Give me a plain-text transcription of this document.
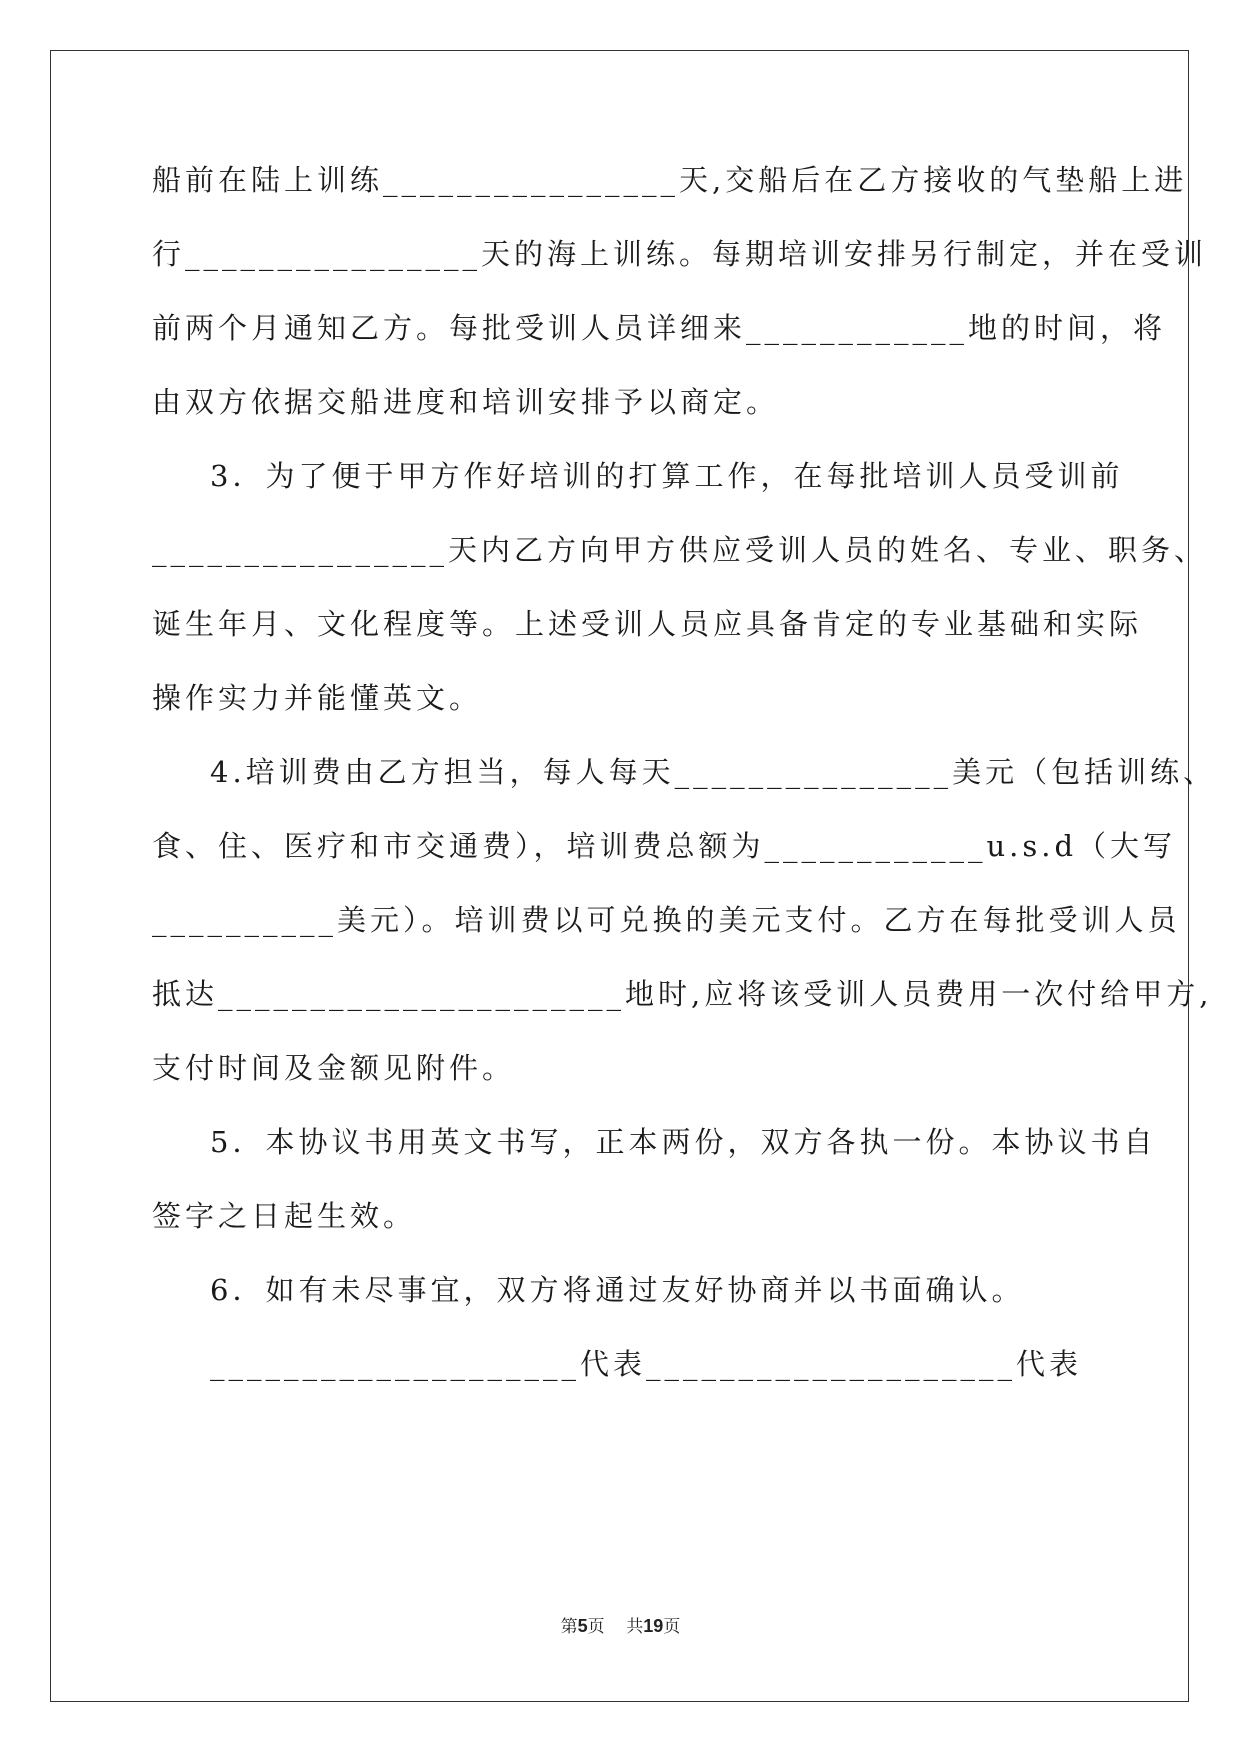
船前在陆上训练________________天,交船后在乙方接收的气垫船上进
行________________天的海上训练。每期培训安排另行制定，并在受训
前两个月通知乙方。每批受训人员详细来____________地的时间，将
由双方依据交船进度和培训安排予以商定。
3．为了便于甲方作好培训的打算工作，在每批培训人员受训前
________________天内乙方向甲方供应受训人员的姓名、专业、职务、
诞生年月、文化程度等。上述受训人员应具备肯定的专业基础和实际
操作实力并能懂英文。
4.培训费由乙方担当，每人每天_______________美元（包括训练、
食、住、医疗和市交通费），培训费总额为____________u.s.d（大写
__________美元）。培训费以可兑换的美元支付。乙方在每批受训人员
抵达______________________地时,应将该受训人员费用一次付给甲方,
支付时间及金额见附件。
5．本协议书用英文书写，正本两份，双方各执一份。本协议书自
签字之日起生效。
6．如有未尽事宜，双方将通过友好协商并以书面确认。
____________________代表____________________代表
第5页 共19页
